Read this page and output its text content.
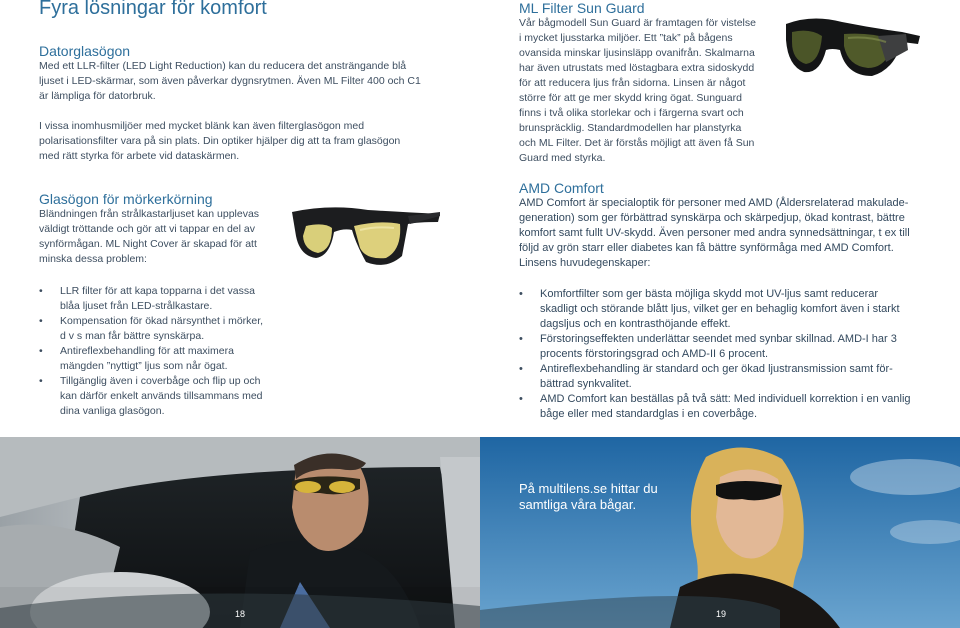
Fyra lösningar för komfort
Datorglasögon
Med ett LLR-filter (LED Light Reduction) kan du reducera det ansträngande blå
ljuset i LED-skärmar, som även påverkar dygnsrytmen. Även ML Filter 400 och C1
är lämpliga för datorbruk.
I vissa inomhusmiljöer med mycket blänk kan även filterglasögon med
polarisationsfilter vara på sin plats. Din optiker hjälper dig att ta fram glasögon
med rätt styrka för arbete vid dataskärmen.
Glasögon för mörkerkörning
Bländningen från strålkastarljuset kan upplevas
väldigt tröttande och gör att vi tappar en del av
synförmågan. ML Night Cover är skapad för att
minska dessa problem:
• LLR filter för att kapa topparna i det vassa
blåa ljuset från LED-strålkastare.
• Kompensation för ökad närsynthet i mörker,
d v s man får bättre synskärpa.
• Antireflexbehandling för att maximera
mängden ”nyttigt” ljus som når ögat.
• Tillgänglig även i coverbåge och flip up och
kan därför enkelt används tillsammans med
dina vanliga glasögon.
ML Filter Sun Guard
Vår bågmodell Sun Guard är framtagen för vistelse
i mycket ljusstarka miljöer. Ett ”tak” på bågens
ovansida minskar ljusinsläpp ovanifrån. Skalmarna
har även utrustats med löstagbara extra sidoskydd
för att reducera ljus från sidorna. Linsen är något
större för att ge mer skydd kring ögat. Sunguard
finns i två olika storlekar och i färgerna svart och
brunspräcklig. Standardmodellen har planstyrka
och ML Filter. Det är förstås möjligt att även få Sun
Guard med styrka.
AMD Comfort
AMD Comfort är specialoptik för personer med AMD (Åldersrelaterad makulade-
generation) som ger förbättrad synskärpa och skärpedjup, ökad kontrast, bättre
komfort samt fullt UV-skydd. Även personer med andra synnedsättningar, t ex till
följd av grön starr eller diabetes kan få bättre synförmåga med AMD Comfort.
Linsens huvudegenskaper:
• Komfortfilter som ger bästa möjliga skydd mot UV-ljus samt reducerar
skadligt och störande blått ljus, vilket ger en behaglig komfort även i starkt
dagsljus och en kontrasthöjande effekt.
• Förstoringseffekten underlättar seendet med synbar skillnad. AMD-I har 3
procents förstoringsgrad och AMD-II 6 procent.
• Antireflexbehandling är standard och ger ökad ljustransmission samt för-
bättrad synkvalitet.
• AMD Comfort kan beställas på två sätt: Med individuell korrektion i en vanlig
båge eller med standardglas i en coverbåge.
18
På multilens.se hittar du
samtliga våra bågar.
19
